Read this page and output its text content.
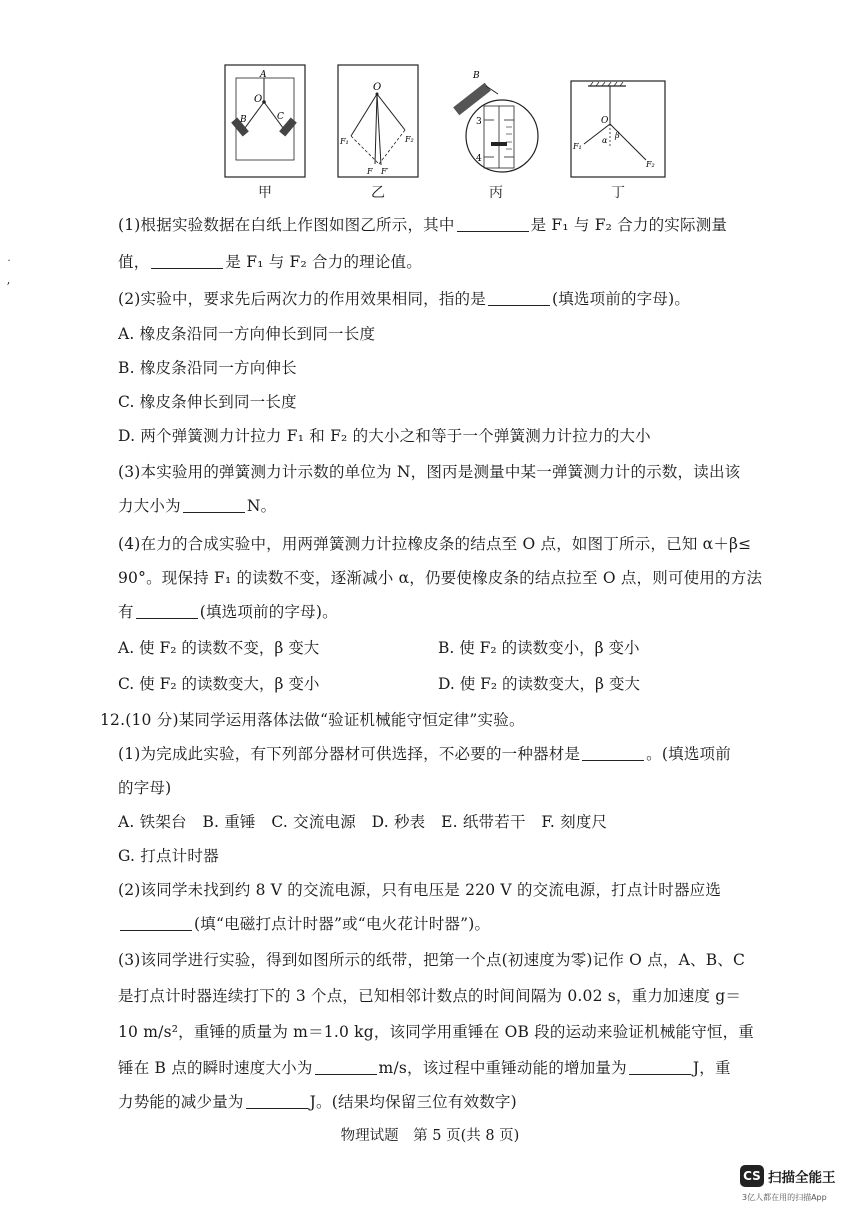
A
O
B	C
甲
O
F₁	F₂
F F′
乙
B
3
4
丙
O
α
β
F₁
F₂
丁
˙
ʼ
(1)根据实验数据在白纸上作图如图乙所示，其中	是 F₁ 与 F₂ 合力的实际测量
值，	是 F₁ 与 F₂ 合力的理论值。
(2)实验中，要求先后两次力的作用效果相同，指的是	(填选项前的字母)。
A. 橡皮条沿同一方向伸长到同一长度
B. 橡皮条沿同一方向伸长
C. 橡皮条伸长到同一长度
D. 两个弹簧测力计拉力 F₁ 和 F₂ 的大小之和等于一个弹簧测力计拉力的大小
(3)本实验用的弹簧测力计示数的单位为 N，图丙是测量中某一弹簧测力计的示数，读出该
力大小为	N。
(4)在力的合成实验中，用两弹簧测力计拉橡皮条的结点至 O 点，如图丁所示，已知 α＋β≤
90°。现保持 F₁ 的读数不变，逐渐减小 α，仍要使橡皮条的结点拉至 O 点，则可使用的方法
有	(填选项前的字母)。
A. 使 F₂ 的读数不变，β 变大	B. 使 F₂ 的读数变小，β 变小
C. 使 F₂ 的读数变大，β 变小	D. 使 F₂ 的读数变大，β 变大
12.(10 分)某同学运用落体法做“验证机械能守恒定律”实验。
(1)为完成此实验，有下列部分器材可供选择，不必要的一种器材是	。(填选项前
的字母)
A. 铁架台　B. 重锤　C. 交流电源　D. 秒表　E. 纸带若干　F. 刻度尺
G. 打点计时器
(2)该同学未找到约 8 V 的交流电源，只有电压是 220 V 的交流电源，打点计时器应选
(填“电磁打点计时器”或“电火花计时器”)。
(3)该同学进行实验，得到如图所示的纸带，把第一个点(初速度为零)记作 O 点，A、B、C
是打点计时器连续打下的 3 个点，已知相邻计数点的时间间隔为 0.02 s，重力加速度 g＝
10 m/s²，重锤的质量为 m＝1.0 kg，该同学用重锤在 OB 段的运动来验证机械能守恒，重
锤在 B 点的瞬时速度大小为	m/s，该过程中重锤动能的增加量为	J，重
力势能的减少量为	J。(结果均保留三位有效数字)
物理试题　第 5 页(共 8 页)
CS 扫描全能王
3亿人都在用的扫描App
